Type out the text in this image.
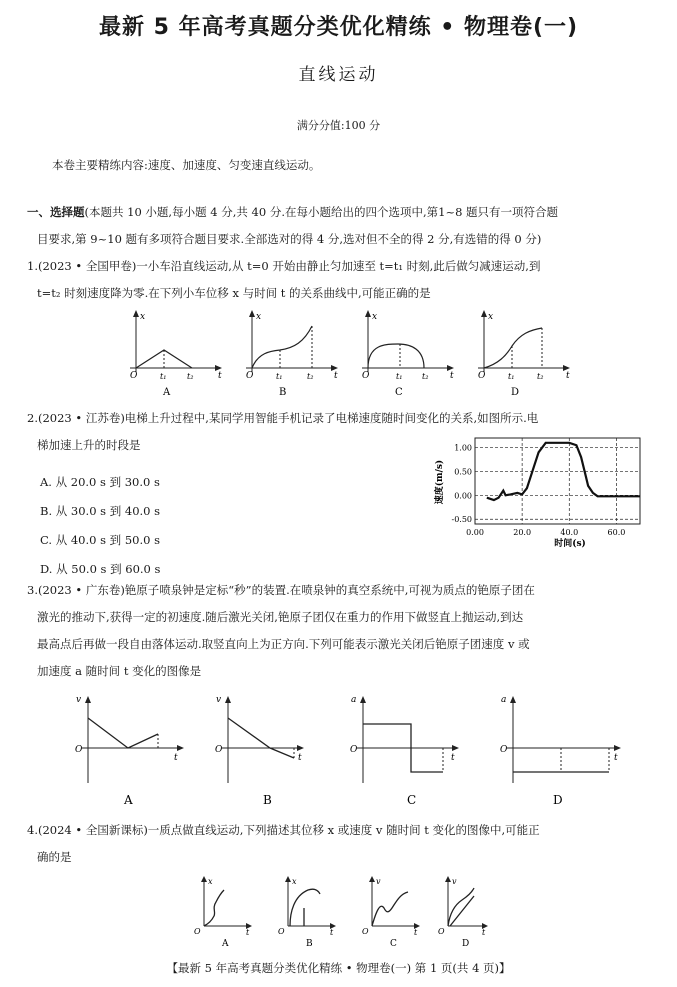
最新 5 年高考真题分类优化精练 • 物理卷(一)
直线运动
满分分值:100 分
本卷主要精练内容:速度、加速度、匀变速直线运动。
一、选择题(本题共 10 小题,每小题 4 分,共 40 分.在每小题给出的四个选项中,第1~8 题只有一项符合题
目要求,第 9~10 题有多项符合题目要求.全部选对的得 4 分,选对但不全的得 2 分,有选错的得 0 分)
1.(2023 • 全国甲卷)一小车沿直线运动,从 t=0 开始由静止匀加速至 t=t₁ 时刻,此后做匀减速运动,到
t=t₂ 时刻速度降为零.在下列小车位移 x 与时间 t 的关系曲线中,可能正确的是
x
O	t₁	t₂	t
A
x
O	t₁	t₂ t
B
x
O	t₁ t₂ t
C
x
O	t₁	t₂	t
D
2.(2023 • 江苏卷)电梯上升过程中,某同学用智能手机记录了电梯速度随时间变化的关系,如图所示.电
梯加速上升的时段是
A. 从 20.0 s 到 30.0 s
B. 从 30.0 s 到 40.0 s
C. 从 40.0 s 到 50.0 s
D. 从 50.0 s 到 60.0 s
1.00
0.50
0.00
-0.50
0.00	20.0	40.0	60.0
时间(s)
速度(m/s)
3.(2023 • 广东卷)铯原子喷泉钟是定标“秒”的装置.在喷泉钟的真空系统中,可视为质点的铯原子团在
激光的推动下,获得一定的初速度.随后激光关闭,铯原子团仅在重力的作用下做竖直上抛运动,到达
最高点后再做一段自由落体运动.取竖直向上为正方向.下列可能表示激光关闭后铯原子团速度 v 或
加速度 a 随时间 t 变化的图像是
v
O
t
A
v
O
t
B
a
O
t
C
a
O
t
D
4.(2024 • 全国新课标)一质点做直线运动,下列描述其位移 x 或速度 v 随时间 t 变化的图像中,可能正
确的是
x
O	t
A
x
O	t
B
v
O	t
C
v
O	t
D
【最新 5 年高考真题分类优化精练 • 物理卷(一) 第 1 页(共 4 页)】
